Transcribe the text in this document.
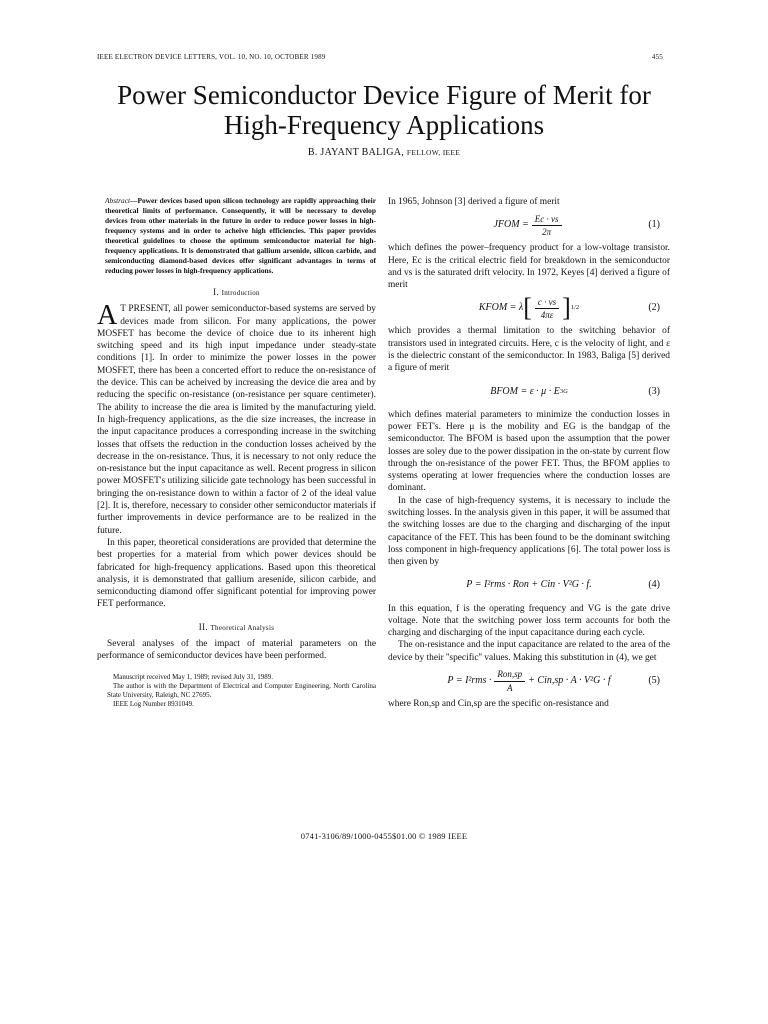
IEEE ELECTRON DEVICE LETTERS, VOL. 10, NO. 10, OCTOBER 1989	455
Power Semiconductor Device Figure of Merit for
High-Frequency Applications
B. JAYANT BALIGA, FELLOW, IEEE
Abstract—Power devices based upon silicon technology are rapidly approaching their theoretical limits of performance. Consequently, it will be necessary to develop devices from other materials in the future in order to reduce power losses in high-frequency systems and in order to acheive high efficiencies. This paper provides theoretical guidelines to choose the optimum semiconductor material for high-frequency applications. It is demonstrated that gallium arsenide, silicon carbide, and semiconducting diamond-based devices offer significant advantages in terms of reducing power losses in high-frequency applications.
I. Introduction

A T PRESENT, all power semiconductor-based systems are served by devices made from silicon. For many applications, the power MOSFET has become the device of choice due to its inherent high switching speed and its high input impedance under steady-state conditions [1]. In order to minimize the power losses in the power MOSFET, there has been a concerted effort to reduce the on-resistance of the device. This can be acheived by increasing the device die area and by reducing the specific on-resistance (on-resistance per square centimeter). The ability to increase the die area is limited by the manufacturing yield. In high-frequency applications, as the die size increases, the increase in the input capacitance produces a corresponding increase in the switching losses that offsets the reduction in the conduction losses acheived by the decrease in the on-resistance. Thus, it is necessary to not only reduce the on-resistance but the input capacitance as well. Recent progress in silicon power MOSFET's utilizing silicide gate technology has been successful in bringing the on-resistance down to within a factor of 2 of the ideal value [2]. It is, therefore, necessary to consider other semiconductor materials if further improvements in device performance are to be realized in the future.

In this paper, theoretical considerations are provided that determine the best properties for a material from which power devices should be fabricated for high-frequency applications. Based upon this theoretical analysis, it is demonstrated that gallium areseníde, silicon carbide, and semiconducting diamond offer significant potential for improving power FET performance.

II. Theoretical Analysis

Several analyses of the impact of material parameters on the performance of semiconductor devices have been performed.

Manuscript received May 1, 1989; revised July 31, 1989.

The author is with the Department of Electrical and Computer Engineering, North Carolina State University, Raleigh, NC 27695.

IEEE Log Number 8931049.

In 1965, Johnson [3] derived a figure of merit

JFOM = $\frac{Eс \cdot vs}{2\pi}$	(1)

which defines the power–frequency product for a low-voltage transistor. Here, Eс is the critical electric field for breakdown in the semiconductor and vs is the saturated drift velocity. In 1972, Keyes [4] derived a figure of merit

KFOM = λ [ $\frac{c \cdot vs}{4\pi\varepsilon}$ ] 1/2	(2)

which provides a thermal limitation to the switching behavior of transistors used in integrated circuits. Here, c is the velocity of light, and ε is the dielectric constant of the semiconductor. In 1983, Baliga [5] derived a figure of merit

BFOM = ε · μ · E 3 G	(3)

which defines material parameters to minimize the conduction losses in power FET's. Here μ is the mobility and EG is the bandgap of the semiconductor. The BFOM is based upon the assumption that the power losses are soley due to the power dissipation in the on-state by current flow through the on-resistance of the power FET. Thus, the BFOM applies to systems operating at lower frequencies where the conduction losses are dominant.

In the case of high-frequency systems, it is necessary to include the switching losses. In the analysis given in this paper, it will be assumed that the switching losses are due to the charging and discharging of the input capacitance of the FET. This has been found to be the dominant switching loss component in high-frequency applications [6]. The total power loss is then given by

P = I²rms · Ron + Cin · V²G · f.	(4)

In this equation, f is the operating frequency and VG is the gate drive voltage. Note that the switching power loss term accounts for both the charging and discharging of the input capacitance during each cycle.

The on-resistance and the input capacitance are related to the area of the device by their ''specific'' values. Making this substitution in (4), we get

$P = I^2rms \cdot \frac{\text{Ron,sp}}{A} + Cin,sp \cdot A \cdot V^2G \cdot f$	(5)

where Ron,sp and Cin,sp are the specific on-resistance and

0741-3106/89/1000-0455$01.00 © 1989 IEEE
